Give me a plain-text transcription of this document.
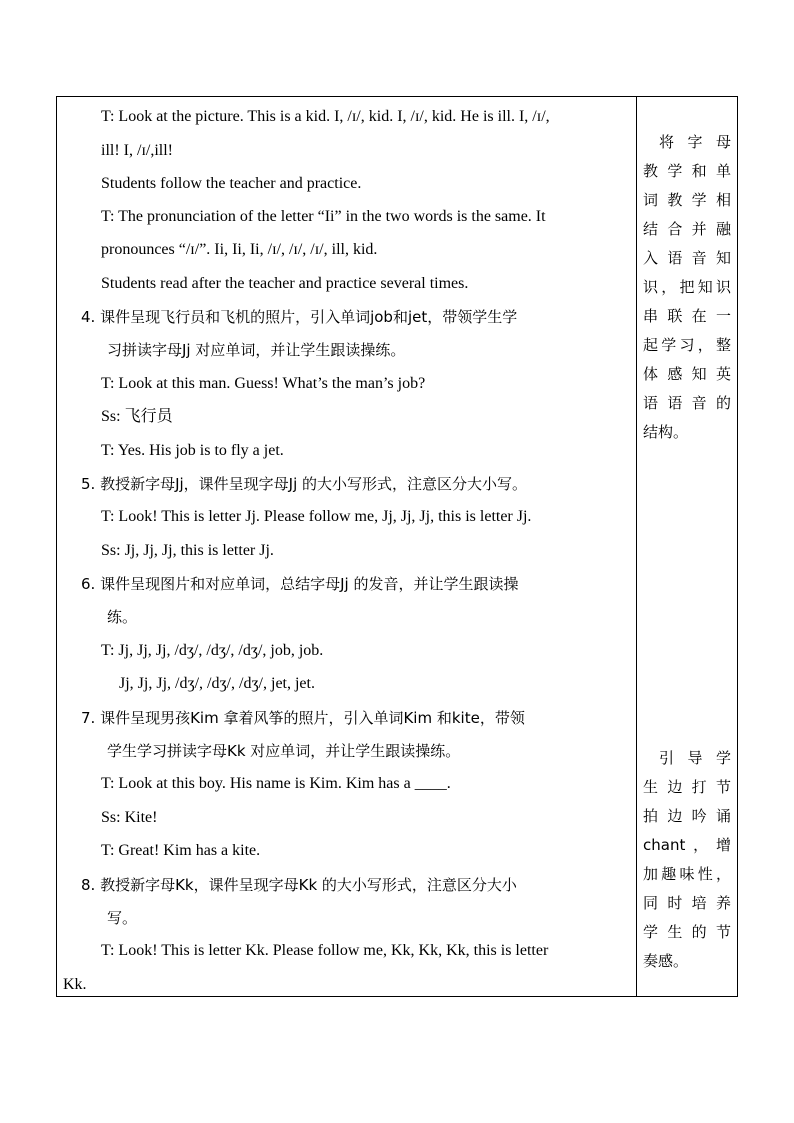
T: Look at the picture. This is a kid. I, /ɪ/, kid. I, /ɪ/, kid. He is ill. I, /ɪ/,
ill! I, /ɪ/,ill!
Students follow the teacher and practice.
T: The pronunciation of the letter “Ii” in the two words is the same. It
pronounces “/ɪ/”. Ii, Ii, Ii, /ɪ/, /ɪ/, /ɪ/, ill, kid.
Students read after the teacher and practice several times.
4. 课件呈现飞行员和飞机的照片，引入单词job和jet，带领学生学
习拼读字母Jj 对应单词，并让学生跟读操练。
T: Look at this man. Guess! What’s the man’s job?
Ss: 飞行员
T: Yes. His job is to fly a jet.
5. 教授新字母Jj，课件呈现字母Jj 的大小写形式，注意区分大小写。
T: Look! This is letter Jj. Please follow me, Jj, Jj, Jj, this is letter Jj.
Ss: Jj, Jj, Jj, this is letter Jj.
6. 课件呈现图片和对应单词，总结字母Jj 的发音，并让学生跟读操
练。
T: Jj, Jj, Jj, /dʒ/, /dʒ/, /dʒ/, job, job.
Jj, Jj, Jj, /dʒ/, /dʒ/, /dʒ/, jet, jet.
7. 课件呈现男孩Kim 拿着风筝的照片，引入单词Kim 和kite，带领
学生学习拼读字母Kk 对应单词，并让学生跟读操练。
T: Look at this boy. His name is Kim. Kim has a ____.
Ss: Kite!
T: Great! Kim has a kite.
8. 教授新字母Kk，课件呈现字母Kk 的大小写形式，注意区分大小
写。
T: Look! This is letter Kk. Please follow me, Kk, Kk, Kk, this is letter
Kk.
将字母
教学和单
词教学相
结合并融
入语音知
识，把知识
串联在一
起学习，整
体感知英
语语音的
结构。
引导学
生边打节
拍边吟诵
chant，增
加趣味性，
同时培养
学生的节
奏感。
